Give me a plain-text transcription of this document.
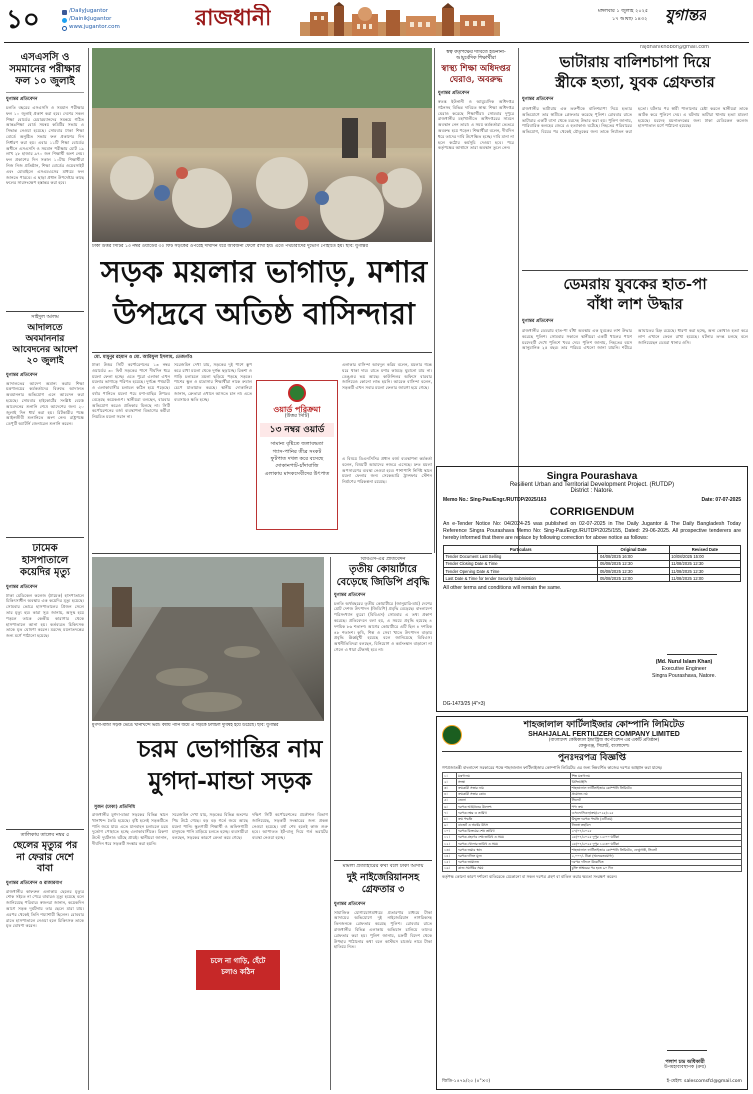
১০	/DailyJugantor
/DainikJugantor
www.jugantor.com	রাজধানী	মঙ্গলবার ১ জুলাই ২০২৫
১৭ আষাঢ় ১৪৩২ যুগান্তর
rajdhanikhobor@gmail.com
এসএসসি ও সমমানের পরীক্ষার ফল ১০ জুলাই
যুগান্তর প্রতিবেদন
চলতি বছরের এসএসসি ও সমমান পরীক্ষার ফল ১০ জুলাই প্রকাশ করা হবে। দেশের সকল শিক্ষা বোর্ডের চেয়ারম্যানদের সমন্বয়ে গঠিত আন্তঃশিক্ষা বোর্ড সমন্বয় কমিটির সভায় এ সিদ্ধান্ত নেওয়া হয়েছে। সোমবার ঢাকা শিক্ষা বোর্ডে অনুষ্ঠিত সভায় ফল প্রকাশের দিন নির্ধারণ করা হয়। এবার ১১টি শিক্ষা বোর্ডের অধীনে এসএসসি ও সমমান পরীক্ষায় মোট ১৯ লাখ ২৮ হাজার ৯৭০ জন শিক্ষার্থী অংশ নেয়। ফল প্রকাশের দিন সকাল ১০টায় শিক্ষার্থীরা নিজ নিজ প্রতিষ্ঠান, শিক্ষা বোর্ডের ওয়েবসাইট এবং মোবাইলে এসএমএসের মাধ্যমে ফল জানতে পারবে। এ ছাড়া প্রধান উপদেষ্টার কাছে ফলের সারসংক্ষেপ হস্তান্তর করা হবে।
সাইদুল আলম
আদালতে অবমাননার আবেদনের আদেশ ২০ জুলাই
যুগান্তর প্রতিবেদন
আদালতের আদেশ অমান্য করায় শিক্ষা মন্ত্রণালয়ের কর্মকর্তাদের বিরুদ্ধে আদালত অবমাননার অভিযোগ এনে আবেদন করা হয়েছে। সোমবার হাইকোর্টের সংশ্লিষ্ট বেঞ্চে আবেদনের শুনানি শেষে আদেশের জন্য ২০ জুলাই দিন ধার্য করা হয়। রিটকারীর পক্ষে আইনজীবী শুনানিতে অংশ নেন। রাষ্ট্রপক্ষে ডেপুটি অ্যাটর্নি জেনারেল শুনানি করেন।
ঢামেক হাসপাতালে কয়েদির মৃত্যু
যুগান্তর প্রতিবেদন
ঢাকা মেডিকেল কলেজ (ঢামেক) হাসপাতালে চিকিৎসাধীন অবস্থায় এক কয়েদির মৃত্যু হয়েছে। সোমবার ভোরে হাসপাতালের প্রিজন সেলে তার মৃত্যু হয়। কারা সূত্র জানায়, অসুস্থ হয়ে পড়লে তাকে কেন্দ্রীয় কারাগার থেকে হাসপাতালে আনা হয়। কর্তব্যরত চিকিৎসক তাকে মৃত ঘোষণা করেন। মরদেহ ময়নাতদন্তের জন্য মর্গে পাঠানো হয়েছে।
তালিকায় তালেব নম্বর ৫
ছেলের মৃত্যুর পর না ফেরার দেশে বাবা
যুগান্তর প্রতিবেদন ও রাজারবাগ
রাজধানীর কাফরুল এলাকায় ছেলের মৃত্যুর শোক সইতে না পেরে বাবারও মৃত্যু হয়েছে বলে জানিয়েছে পরিবার। স্বজনরা জানান, কয়েকদিন আগে সড়ক দুর্ঘটনায় তার ছেলে মারা যায়। এরপর থেকেই তিনি শয্যাশায়ী ছিলেন। রোববার রাতে হাসপাতালে নেওয়া হলে চিকিৎসক তাকে মৃত ঘোষণা করেন।
ঢাকা উত্তর সিটির ১৩ নম্বর ওয়ার্ডের ৩০ ফিট সড়কের ওপরেই দীর্ঘদিন ধরে আবর্জনা ফেলে রাখা হয়। এতে পথচারীদের দুর্ভোগ পোহাতে হয়। ছবি: যুগান্তর
সড়ক ময়লার ভাগাড়, মশার
উপদ্রবে অতিষ্ঠ বাসিন্দারা
মো. মামুনুর রহমান ও মো. আরিফুল ইসলাম, তেজগাঁও
ঢাকা উত্তর সিটি কর্পোরেশনের ১৩ নম্বর ওয়ার্ডের ৩০ ফিট সড়কের পাশে দীর্ঘদিন ধরে ময়লা ফেলা হচ্ছে। এতে পুরো এলাকা এখন ময়লার ভাগাড়ে পরিণত হয়েছে। দুর্গন্ধে পথচারী ও এলাকাবাসীর চলাচল কঠিন হয়ে পড়েছে। বর্ষার পানিতে ময়লা পচে মশা-মাছির উপদ্রব বেড়েছে কয়েকগুণ। স্থানীয়রা বলছেন, বারবার অভিযোগ করেও প্রতিকার মিলছে না। সিটি কর্পোরেশনের বর্জ্য ব্যবস্থাপনা বিভাগের কর্মীরা নিয়মিত ময়লা সরান না।
সরেজমিন দেখা যায়, সড়কের দুই পাশে স্তূপ করে রাখা ময়লা থেকে দুর্গন্ধ ছড়াচ্ছে। রিকশা ও গাড়ি চলাচলে ময়লা ছড়িয়ে পড়ছে সড়কে। পাশের স্কুল ও মাদ্রাসার শিক্ষার্থীরা নাকে রুমাল চেপে যাতায়াত করছে। স্থানীয় দোকানিরা জানান, ক্রেতারা এখানে আসতে চান না। এতে ব্যবসায়ও ক্ষতি হচ্ছে।
ওয়ার্ড পরিক্রমা
(উত্তর সিটি)
১৩ নম্বর ওয়ার্ড
সামান্য বৃষ্টিতে জলাবদ্ধতা
গ্যাস-পানির তীব্র সংকট
ফুটপাত দখল করে বসেছে দোকানপাট-চাঁদাবাজি
এলাকায় মাদকসেবীদের উৎপাত
এলাকার বাসিন্দা আবদুল করিম বলেন, ময়লার গন্ধে ঘরে থাকা দায়। রাতে মশার কামড়ে ঘুমানো যায় না। ডেঙ্গুর ভয় আছে। কাউন্সিলর অফিসে বারবার জানিয়েও কোনো লাভ হয়নি। আরেক বাসিন্দা বলেন, সড়কটি এখন সবার ময়লা ফেলার জায়গা হয়ে গেছে।
এ বিষয়ে ডিএনসিসির প্রধান বর্জ্য ব্যবস্থাপনা কর্মকর্তা বলেন, বিষয়টি আমাদের নজরে এসেছে। দ্রুত ময়লা অপসারণের ব্যবস্থা নেওয়া হবে। পাশাপাশি নির্দিষ্ট স্থানে ময়লা ফেলার জন্য সেকেন্ডারি ট্রান্সফার স্টেশন নির্মাণের পরিকল্পনা রয়েছে।
মুগদা-মান্ডা সড়ক ভেঙে খানাখন্দে ভরা। বর্ষায় পানি জমে এ সড়কে চলাচল দুর্বিষহ হয়ে উঠেছে। ছবি: যুগান্তর
চরম ভোগান্তির নাম
মুগদা-মান্ডা সড়ক
সুজন (ঢাকা) প্রতিনিধি
রাজধানীর মুগদা-মান্ডা সড়কের বিভিন্ন স্থানে খানাখন্দ তৈরি হয়েছে। বৃষ্টি হলেই সড়কটিতে পানি জমে যায়। এতে যানবাহন চলাচলে চরম দুর্ভোগ পোহাতে হচ্ছে এলাকাবাসীকে। রিকশা উল্টে দুর্ঘটনাও ঘটছে প্রায়ই। স্থানীয়রা জানান, দীর্ঘদিন ধরে সড়কটি সংস্কার করা হয়নি।
সরেজমিন দেখা যায়, সড়কের বিভিন্ন অংশের পিচ উঠে গেছে। বড় বড় গর্তে জমে আছে ময়লা পানি। স্কুলগামী শিক্ষার্থী ও অফিসগামী মানুষকে পানি মাড়িয়ে চলতে হচ্ছে। ব্যবসায়ীরা বলছেন, সড়কের কারণে ক্রেতা কমে গেছে।
দক্ষিণ সিটি কর্পোরেশনের প্রকৌশল বিভাগ জানিয়েছে, সড়কটি সংস্কারের জন্য প্রকল্প নেওয়া হয়েছে। বর্ষা শেষ হলেই কাজ শুরু হবে। আপাতত ইট-বালু দিয়ে গর্ত ভরাটের ব্যবস্থা নেওয়া হচ্ছে।
চলে না গাড়ি, হেঁটে
চলাও কঠিন
স্বত্ব কর্তৃপক্ষের দাবিতে ইউনানী-আয়ুর্বেদিক শিক্ষার্থীরা
স্বাস্থ্য শিক্ষা অধিদপ্তর ঘেরাও, অবরুদ্ধ
যুগান্তর প্রতিবেদন
স্বতন্ত্র ইউনানী ও আয়ুর্বেদিক অধিদপ্তর গঠনসহ বিভিন্ন দাবিতে স্বাস্থ্য শিক্ষা অধিদপ্তর ঘেরাও করেছে শিক্ষার্থীরা। সোমবার দুপুরে রাজধানীর মহাখালীতে অধিদপ্তরের সামনে অবস্থান নেন তারা। এ সময় কর্মকর্তারা ভেতরে অবরুদ্ধ হয়ে পড়েন। শিক্ষার্থীরা বলেন, দীর্ঘদিন ধরে তাদের দাবি উপেক্ষিত হচ্ছে। দাবি মানা না হলে কঠোর কর্মসূচি দেওয়া হবে। পরে কর্তৃপক্ষের আশ্বাসে তারা অবস্থান তুলে নেন।
বিবিএস-এর প্রতিবেদন
তৃতীয় কোয়ার্টারে
বেড়েছে জিডিপি প্রবৃদ্ধি
যুগান্তর প্রতিবেদন
চলতি অর্থবছরের তৃতীয় কোয়ার্টারে (জানুয়ারি-মার্চ) দেশের মোট দেশজ উৎপাদন (জিডিপি) প্রবৃদ্ধি বেড়েছে। বাংলাদেশ পরিসংখ্যান ব্যুরো (বিবিএস) সোমবার এ তথ্য প্রকাশ করেছে। প্রতিবেদনে বলা হয়, এ সময়ে প্রবৃদ্ধি হয়েছে ৪ দশমিক ৮৬ শতাংশ। আগের কোয়ার্টারে এটি ছিল ৪ দশমিক ৪৮ শতাংশ। কৃষি, শিল্প ও সেবা খাতে উৎপাদন বাড়ায় প্রবৃদ্ধি ঊর্ধ্বমুখী হয়েছে বলে জানিয়েছে বিবিএস। অর্থনীতিবিদরা বলছেন, বিনিয়োগ ও কর্মসংস্থান বাড়ানো না গেলে এ ধারা টেকসই হবে না।
মামলা প্রত্যাহারের কথা বলে টাকা আদায়
দুই নাইজেরিয়ানসহ গ্রেফতার ৩
যুগান্তর প্রতিবেদন
সামাজিক যোগাযোগমাধ্যমে প্রতারণার মাধ্যমে টাকা আদায়ের অভিযোগে দুই নাইজেরিয়ান নাগরিকসহ তিনজনকে গ্রেফতার করেছে পুলিশ। রোববার রাতে রাজধানীর বিভিন্ন এলাকায় অভিযান চালিয়ে তাদের গ্রেফতার করা হয়। পুলিশ জানায়, চক্রটি বিদেশ থেকে উপহার পাঠানোর কথা বলে কাস্টমস চার্জের নামে টাকা হাতিয়ে নিত।
ভাটারায় বালিশচাপা দিয়ে
স্ত্রীকে হত্যা, যুবক গ্রেফতার
যুগান্তর প্রতিবেদন
রাজধানীর ভাটারায় এক তরুণীকে বালিশচাপা দিয়ে হত্যার অভিযোগে তার স্বামীকে গ্রেফতার করেছে পুলিশ। রোববার রাতে ভাটারার একটি বাসা থেকে মরদেহ উদ্ধার করা হয়। পুলিশ জানায়, পারিবারিক কলহের জেরে এ হত্যাকাণ্ড ঘটেছে। নিহতের পরিবারের অভিযোগ, বিয়ের পর থেকেই যৌতুকের জন্য তাকে নির্যাতন করা হতো। ঘটনার পর স্বামী পালানোর চেষ্টা করলে স্থানীয়রা তাকে আটক করে পুলিশে দেয়। এ ঘটনায় ভাটারা থানায় হত্যা মামলা হয়েছে। মরদেহ ময়নাতদন্তের জন্য ঢাকা মেডিকেল কলেজ হাসপাতাল মর্গে পাঠানো হয়েছে।
ডেমরায় যুবকের হাত-পা
বাঁধা লাশ উদ্ধার
যুগান্তর প্রতিবেদন
রাজধানীর ডেমরায় হাত-পা বাঁধা অবস্থায় এক যুবকের লাশ উদ্ধার করেছে পুলিশ। সোমবার সকালে স্থানীয়রা একটি খালের পাশে মরদেহটি দেখে পুলিশে খবর দেয়। পুলিশ জানায়, নিহতের বয়স আনুমানিক ২৫ বছর। তার পরিচয় এখনো জানা যায়নি। শরীরে আঘাতের চিহ্ন রয়েছে। ধারণা করা হচ্ছে, অন্য কোথাও হত্যা করে লাশ এখানে ফেলে রাখা হয়েছে। ঘটনার তদন্ত চলছে বলে জানিয়েছেন ডেমরা থানার ওসি।
Singra Pourashava
Resilient Urban and Territorial Development Project. (RUTDP)
District : Natore.
Memo No.: Sing-Pau/Engr./RUTDP/2025/163	Date: 07-07-2025
CORRIGENDUM
An e-Tender Notice No: 04/2024-25 was published on 02-07-2025 in The Daily Jugantor & The Daily Bangladesh Today Reference Singra Pourashava Memo No: Sing-Pau/Engr./RUTDP/2025/155, Dated: 29-06-2025. All prospective tenderers are hereby informed that there are replace by following correction for above notice as follows:
Particulars	Original Date	Revised Date
Tender Document Last Selling	04/08/2025 16:00	10/08/2025 15:00
Tender Closing Date & Time	05/08/2025 12:30	11/08/2025 12:30
Tender Opening Date & Time	05/08/2025 12:30	11/08/2025 12:30
Last Date & Time for tender Security Submission	05/08/2025 12:00	11/08/2025 12:00
All other terms and conditions will remain the same.
(Md. Nurul Islam Khan)
Executive Engineer
Singra Pourashava, Natore.
DG-1473/25 (4"×3)
শাহজালাল ফার্টিলাইজার কোম্পানি লিমিটেড
SHAHJALAL FERTILIZER COMPANY LIMITED
(বাংলাদেশ কেমিক্যাল ইন্ডাস্ট্রিজ কর্পোরেশন এর একটি প্রতিষ্ঠান)
ফেঞ্চুগঞ্জ, সিলেট, বাংলাদেশ।
পুনঃদরপত্র বিজ্ঞপ্তি
গণপ্রজাতন্ত্রী বাংলাদেশ সরকারের পক্ষে শাহজালাল ফার্টিলাইজার কোম্পানি লিমিটেড এর জন্য নিম্নবর্ণিত কাজের দরপত্র আহ্বান করা যাচ্ছে।
১।	মন্ত্রণালয়	শিল্প মন্ত্রণালয়
২।	সংস্থা	বিসিআইসি
৩।	ক্রয়কারী সত্তার নাম	শাহজালাল ফার্টিলাইজার কোম্পানি লিমিটেড
৪।	ক্রয়কারী সত্তার কোড	প্রযোজ্য নয়
৫।	জেলা	সিলেট
৬।	দরপত্র আহ্বানের উদ্দেশ্য	পণ্য ক্রয়
৭।	দরপত্র নম্বর ও তারিখ	এসএফসিএল/ক্রয়/২০২৫/১২৫
৮।	ক্রয় পদ্ধতি	উন্মুক্ত দরপত্র পদ্ধতি (ওটিএম)
৯।	বাজেট ও অর্থের উৎস	নিজস্ব তহবিল
১০।	দরপত্র বিক্রয়ের শেষ তারিখ	২৭/০৭/২০২৫
১১।	দরপত্র গ্রহণের শেষ তারিখ ও সময়	২৮/০৭/২০২৫ দুপুর ১২:০০ ঘটিকা
১২।	দরপত্র খোলার তারিখ ও সময়	২৮/০৭/২০২৫ দুপুর ১২:৩০ ঘটিকা
১৩।	দরপত্র জমার স্থান	শাহজালাল ফার্টিলাইজার কোম্পানি লিমিটেড, ফেঞ্চুগঞ্জ, সিলেট
১৪।	দরপত্র দলিল মূল্য	২,০০০/- টাকা (অফেরতযোগ্য)
১৫।	দরপত্র জামানত	দরপত্র দলিলে উল্লেখিত
১৬।	কাজ সমাপ্তির সময়	চুক্তি স্বাক্ষরের পর হতে ৯০ দিন
কর্তৃপক্ষ কোনো কারণ দর্শানো ব্যতিরেকে যেকোনো বা সকল দরপত্র গ্রহণ বা বাতিল করার ক্ষমতা সংরক্ষণ করেন।
পলাশ চন্দ্র অধিকারী
উপমহাব্যবস্থাপক (ক্রয়)
জিডি-১৪৭৯/২৫ (৪"×৩)	ই-মেইল: salescomsfcl@gmail.com
